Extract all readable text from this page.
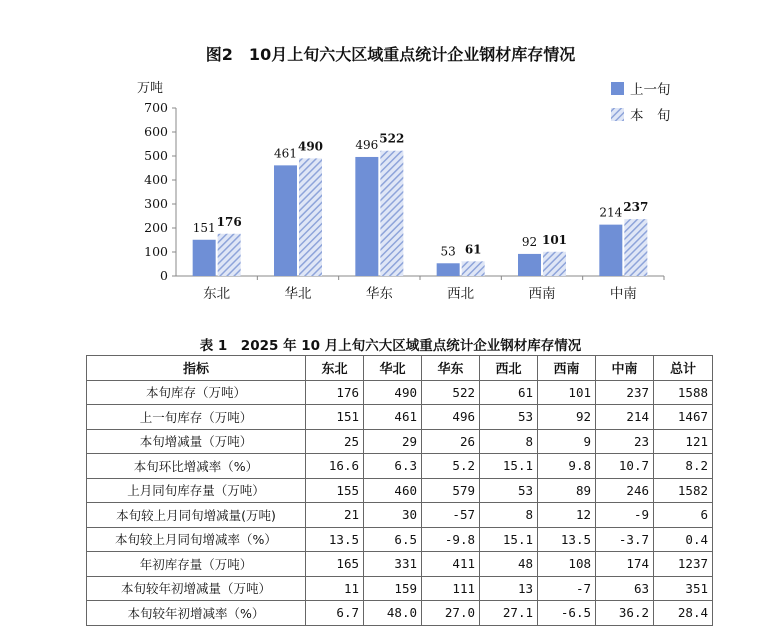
图2　10月上旬六大区域重点统计企业钢材库存情况
0
100
200
300
400
500
600
700
万吨
东北
151 176
华北
461 490
华东
496 522
西北
53 61
西南
92 101
中南
214 237
上一旬
本　旬
表 1　2025 年 10 月上旬六大区域重点统计企业钢材库存情况
指标	东北	华北	华东	西北	西南	中南	总计
本旬库存（万吨）	176	490	522	61	101	237	1588
上一旬库存（万吨）	151	461	496	53	92	214	1467
本旬增减量（万吨）	25	29	26	8	9	23	121
本旬环比增减率（%）	16.6	6.3	5.2	15.1	9.8	10.7	8.2
上月同旬库存量（万吨）	155	460	579	53	89	246	1582
本旬较上月同旬增减量(万吨)	21	30	-57	8	12	-9	6
本旬较上月同旬增减率（%）	13.5	6.5	-9.8	15.1	13.5	-3.7	0.4
年初库存量（万吨）	165	331	411	48	108	174	1237
本旬较年初增减量（万吨）	11	159	111	13	-7	63	351
本旬较年初增减率（%）	6.7	48.0	27.0	27.1	-6.5	36.2	28.4
